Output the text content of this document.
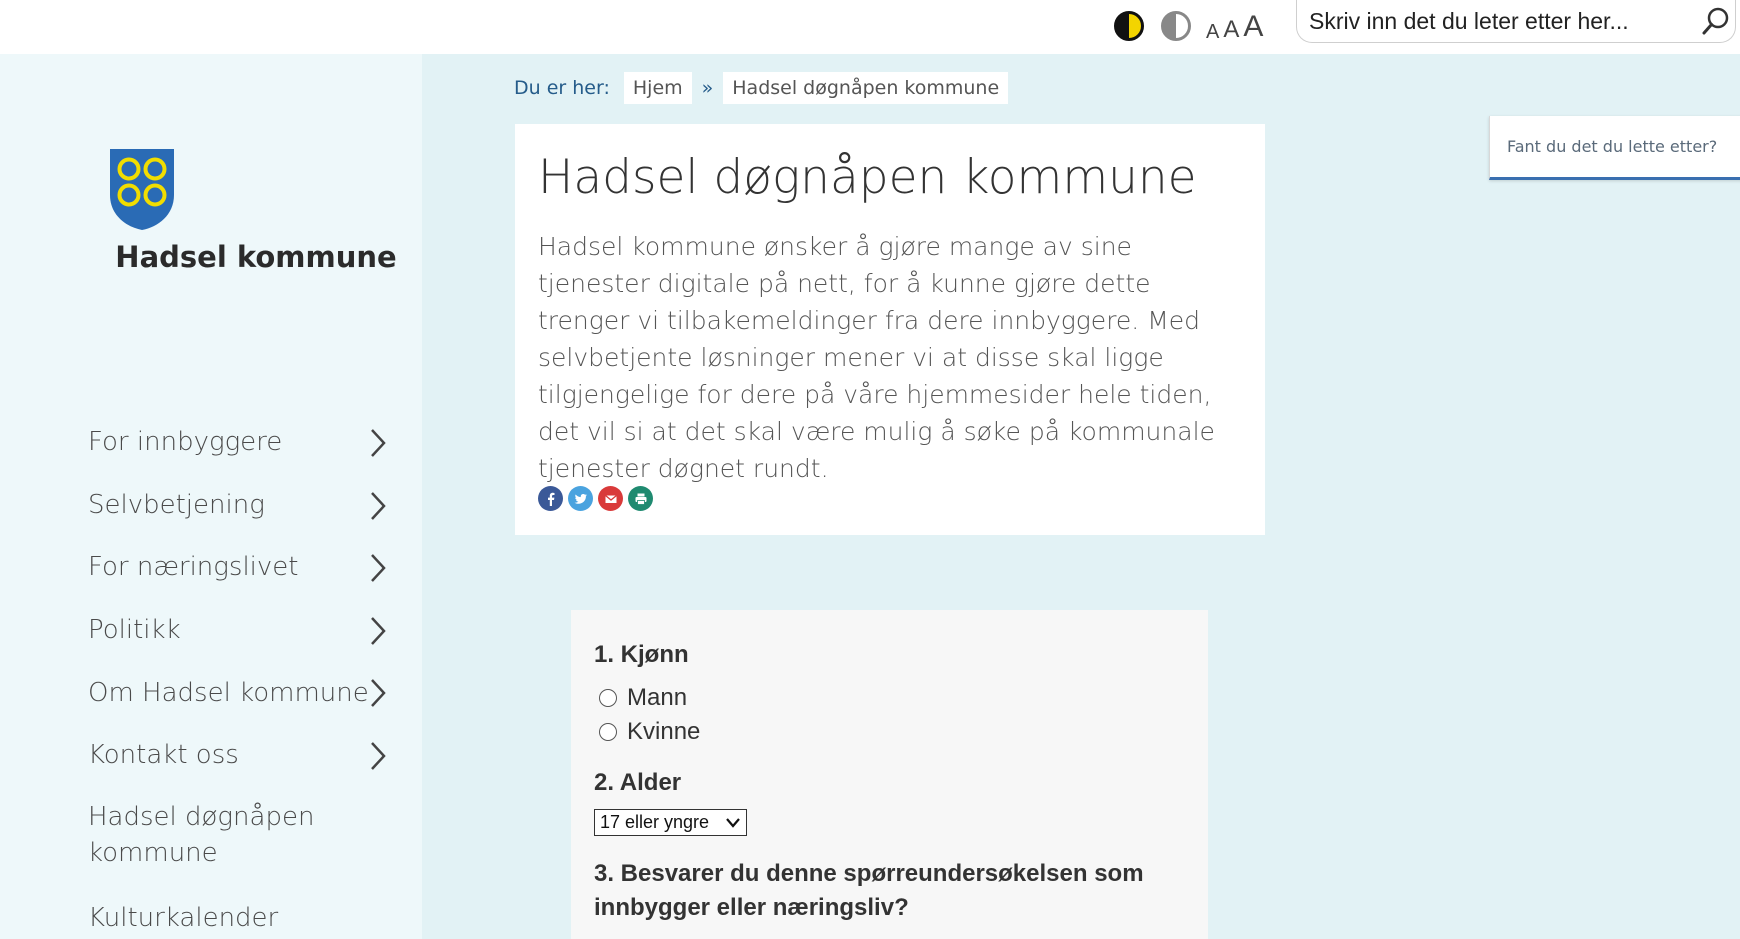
A A A
Skriv inn det du leter etter her...
Hadsel kommune
For innbyggere
Selvbetjening
For næringslivet
Politikk
Om Hadsel kommune
Kontakt oss
Hadsel døgnåpen kommune
Kulturkalender
Du er her:	Hjem	»	Hadsel døgnåpen kommune
Hadsel døgnåpen kommune

Hadsel kommune ønsker å gjøre mange av sine tjenester digitale på nett, for å kunne gjøre dette trenger vi tilbakemeldinger fra dere innbyggere. Med selvbetjente løsninger mener vi at disse skal ligge tilgjengelige for dere på våre hjemmesider hele tiden, det vil si at det skal være mulig å søke på kommunale tjenester døgnet rundt.

Fant du det du lette etter?
1. Kjønn
Mann
Kvinne
2. Alder
17 eller yngre
3. Besvarer du denne spørreundersøkelsen som innbygger eller næringsliv?
